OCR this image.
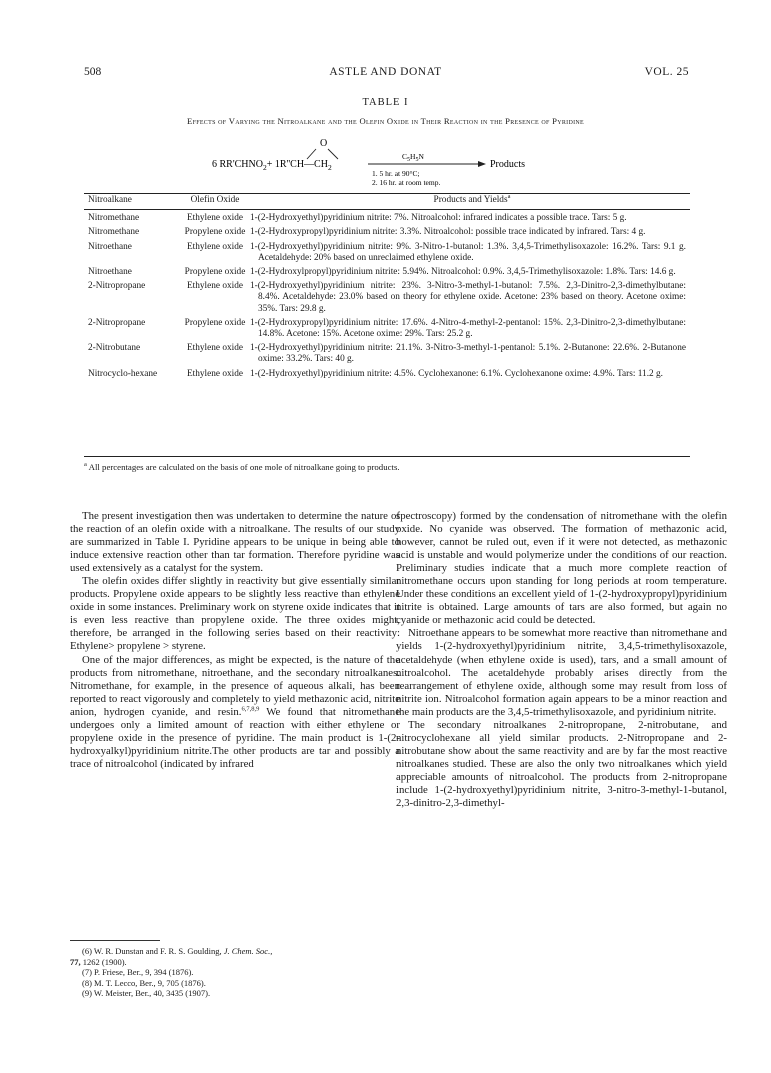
508	ASTLE AND DONAT	VOL. 25
TABLE I
Effects of Varying the Nitroalkane and the Olefin Oxide in Their Reaction in the Presence of Pyridine
O
6 $RR'CHNO_2+$ $1R''CH—CH_2$
$C_5H_5N$
Products
1. 5 hr. at 90°C;
2. 16 hr. at room temp.
Nitroalkane	Olefin Oxide	Products and Yields$^a$

Nitromethane	Ethylene oxide	1-(2-Hydroxyethyl)pyridinium nitrite: 7%. Nitroalcohol: infrared indicates a possible trace. Tars: 5 g.
Nitromethane	Propylene oxide	1-(2-Hydroxypropyl)pyridinium nitrite: 3.3%. Nitroalcohol: possible trace indicated by infrared. Tars: 4 g.
Nitroethane	Ethylene oxide	1-(2-Hydroxyethyl)pyridinium nitrite: 9%. 3-Nitro-1-butanol: 1.3%. 3,4,5-Trimethylisoxazole: 16.2%. Tars: 9.1 g. Acetaldehyde: 20% based on unreclaimed ethylene oxide.
Nitroethane	Propylene oxide	1-(2-Hydroxylpropyl)pyridinium nitrite: 5.94%. Nitroalcohol: 0.9%. 3,4,5-Trimethylisoxazole: 1.8%. Tars: 14.6 g.
2-Nitropropane	Ethylene oxide	1-(2-Hydroxyethyl)pyridinium nitrite: 23%. 3-Nitro-3-methyl-1-butanol: 7.5%. 2,3-Dinitro-2,3-dimethylbutane: 8.4%. Acetaldehyde: 23.0% based on theory for ethylene oxide. Acetone: 23% based on theory. Acetone oxime: 35%. Tars: 29.8 g.
2-Nitropropane	Propylene oxide	1-(2-Hydroxypropyl)pyridinium nitrite: 17.6%. 4-Nitro-4-methyl-2-pentanol: 15%. 2,3-Dinitro-2,3-dimethylbutane: 14.8%. Acetone: 15%. Acetone oxime: 29%. Tars: 25.2 g.
2-Nitrobutane	Ethylene oxide	1-(2-Hydroxyethyl)pyridinium nitrite: 21.1%. 3-Nitro-3-methyl-1-pentanol: 5.1%. 2-Butanone: 22.6%. 2-Butanone oxime: 33.2%. Tars: 40 g.
Nitrocyclo-hexane	Ethylene oxide	1-(2-Hydroxyethyl)pyridinium nitrite: 4.5%. Cyclohexanone: 6.1%. Cyclohexanone oxime: 4.9%. Tars: 11.2 g.
$^a$ All percentages are calculated on the basis of one mole of nitroalkane going to products.

The present investigation then was undertaken to determine the nature of the reaction of an olefin oxide with a nitroalkane. The results of our study are summarized in Table I. Pyridine appears to be unique in being able to induce extensive reaction other than tar formation. Therefore pyridine was used extensively as a catalyst for the system.

The olefin oxides differ slightly in reactivity but give essentially similar products. Propylene oxide appears to be slightly less reactive than ethylene oxide in some instances. Preliminary work on styrene oxide indicates that it is even less reactive than propylene oxide. The three oxides might, therefore, be arranged in the following series based on their reactivity: Ethylene> propylene > styrene.

One of the major differences, as might be expected, is the nature of the products from nitromethane, nitroethane, and the secondary nitroalkanes. Nitromethane, for example, in the presence of aqueous alkali, has been reported to react vigorously and completely to yield methazonic acid, nitrite anion, hydrogen cyanide, and resin.$^{6,7,8,9}$ We found that nitromethane undergoes only a limited amount of reaction with either ethylene or propylene oxide in the presence of pyridine. The main product is 1-(2-hydroxyalkyl)pyridinium nitrite.The other products are tar and possibly a trace of nitroalcohol (indicated by infrared

(6) W. R. Dunstan and F. R. S. Goulding, J. Chem. Soc.,
77, 1262 (1900).

(7) P. Friese, Ber., 9, 394 (1876).

(8) M. T. Lecco, Ber., 9, 705 (1876).

(9) W. Meister, Ber., 40, 3435 (1907).

spectroscopy) formed by the condensation of nitromethane with the olefin oxide. No cyanide was observed. The formation of methazonic acid, however, cannot be ruled out, even if it were not detected, as methazonic acid is unstable and would polymerize under the conditions of our reaction. Preliminary studies indicate that a much more complete reaction of nitromethane occurs upon standing for long periods at room temperature. Under these conditions an excellent yield of 1-(2-hydroxypropyl)pyridinium nitrite is obtained. Large amounts of tars are also formed, but again no cyanide or methazonic acid could be detected.

Nitroethane appears to be somewhat more reactive than nitromethane and yields 1-(2-hydroxyethyl)pyridinium nitrite, 3,4,5-trimethylisoxazole, acetaldehyde (when ethylene oxide is used), tars, and a small amount of nitroalcohol. The acetaldehyde probably arises directly from the rearrangement of ethylene oxide, although some may result from loss of nitrite ion. Nitroalcohol formation again appears to be a minor reaction and the main products are the 3,4,5-trimethylisoxazole, and pyridinium nitrite.

The secondary nitroalkanes 2-nitropropane, 2-nitrobutane, and nitrocyclohexane all yield similar products. 2-Nitropropane and 2-nitrobutane show about the same reactivity and are by far the most reactive nitroalkanes studied. These are also the only two nitroalkanes which yield appreciable amounts of nitroalcohol. The products from 2-nitropropane include 1-(2-hydroxyethyl)pyridinium nitrite, 3-nitro-3-methyl-1-butanol, 2,3-dinitro-2,3-dimethyl-
